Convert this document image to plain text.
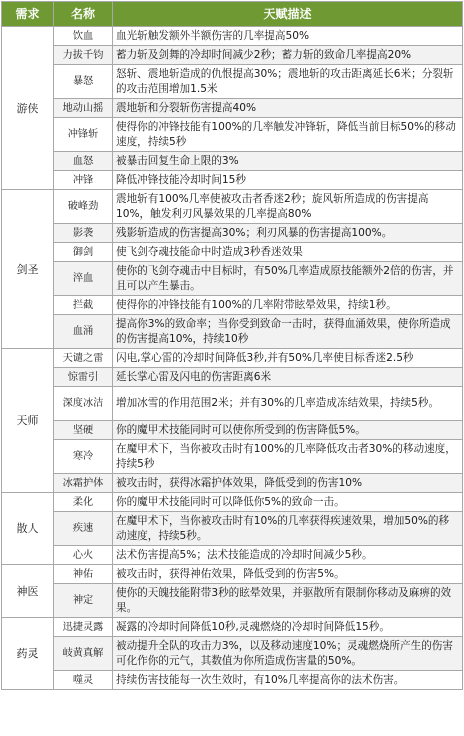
需求	名称	天赋描述
游侠	饮血	血光斩触发额外半额伤害的几率提高50%
	力拔千钧	蓄力斩及剑舞的冷却时间减少2秒；蓄力斩的致命几率提高20%
	暴怒	怒斩、震地斩造成的仇恨提高30%；震地斩的攻击距离延长6米；分裂斩的攻击范围增加1.5米
	地动山摇	震地斩和分裂斩伤害提高40%
	冲锋斩	使得你的冲锋技能有100%的几率触发冲锋斩，降低当前目标50%的移动速度，持续5秒
	血怒	被暴击回复生命上限的3%
	冲锋	降低冲锋技能冷却时间15秒
剑圣	破峰劲	震地斩有100%几率使被攻击者香迷2秒；旋风斩所造成的伤害提高10%，触发利刃风暴效果的几率提高80%
	影袭	残影斩造成的伤害提高30%；利刃风暴的伤害提高100%。
	御剑	使飞剑夺魂技能命中时造成3秒香迷效果
	淬血	使你的飞剑夺魂击中目标时，有50%几率造成原技能额外2倍的伤害，并且可以产生暴击。
	拦截	使得你的冲锋技能有100%的几率附带眩晕效果，持续1秒。
	血涌	提高你3%的致命率；当你受到致命一击时，获得血涌效果，使你所造成的伤害提高10%，持续10秒
天师	天谴之雷	闪电,掌心雷的冷却时间降低3秒,并有50%几率使目标香迷2.5秒
	惊雷引	延长掌心雷及闪电的伤害距离6米
	深度冰洁	增加冰雪的作用范围2米；并有30%的几率造成冻结效果，持续5秒。
	坚硬	你的魔甲术技能同时可以使你所受到的伤害降低5%。
	寒冷	在魔甲术下，当你被攻击时有100%的几率降低攻击者30%的移动速度，持续5秒
	冰霜护体	被攻击时，获得冰霜护体效果，降低受到的伤害10%
散人	柔化	你的魔甲术技能同时可以降低你5%的致命一击。
	疾速	在魔甲术下，当你被攻击时有10%的几率获得疾速效果，增加50%的移动速度，持续5秒。
	心火	法术伤害提高5%；法术技能造成的冷却时间减少5秒。
神医	神佑	被攻击时，获得神佑效果，降低受到的伤害5%。
	神定	使你的天魄技能附带3秒的眩晕效果，并驱散所有限制你移动及麻痹的效果。
药灵	迅捷灵露	凝露的冷却时间降低10秒,灵魂燃烧的冷却时间降低15秒。
	岐黄真解	被动提升全队的攻击力3%，以及移动速度10%；灵魂燃烧所产生的伤害可化作你的元气，其数值为你所造成伤害量的50%。
	噬灵	持续伤害技能每一次生效时，有10%几率提高你的法术伤害。
